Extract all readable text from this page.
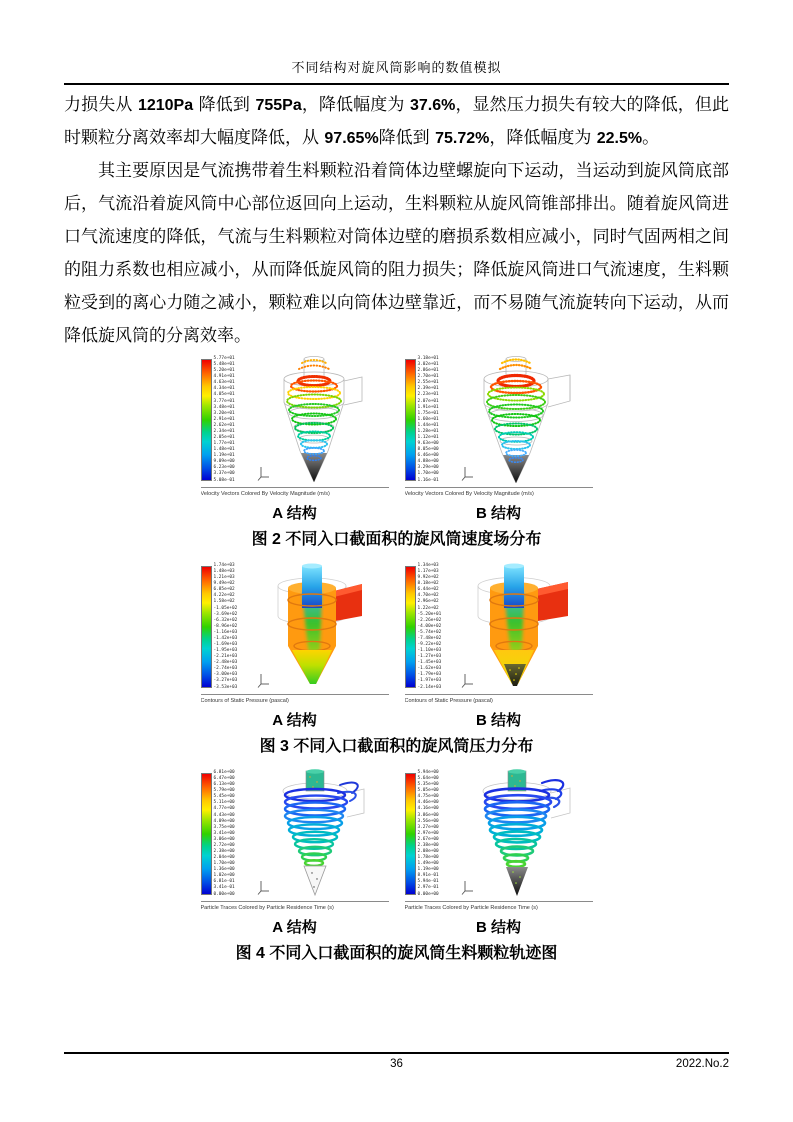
不同结构对旋风筒影响的数值模拟

力损失从 1210Pa 降低到 755Pa，降低幅度为 37.6%，显然压力损失有较大的降低，但此时颗粒分离效率却大幅度降低，从 97.65%降低到 75.72%，降低幅度为 22.5%。

其主要原因是气流携带着生料颗粒沿着筒体边壁螺旋向下运动，当运动到旋风筒底部后，气流沿着旋风筒中心部位返回向上运动，生料颗粒从旋风筒锥部排出。随着旋风筒进口气流速度的降低，气流与生料颗粒对筒体边壁的磨损系数相应减小，同时气固两相之间的阻力系数也相应减小，从而降低旋风筒的阻力损失；降低旋风筒进口气流速度，生料颗粒受到的离心力随之减小，颗粒难以向筒体边壁靠近，而不易随气流旋转向下运动，从而降低旋风筒的分离效率。

5.77e+01
5.48e+01
5.20e+01
4.91e+01
4.63e+01
4.34e+01
4.05e+01
3.77e+01
3.48e+01
3.20e+01
2.91e+01
2.62e+01
2.34e+01
2.05e+01
1.77e+01
1.48e+01
1.19e+01
9.09e+00
6.23e+00
3.37e+00
5.08e-01
Velocity Vectors Colored By Velocity Magnitude (m/s)
3.18e+01
3.02e+01
2.86e+01
2.70e+01
2.55e+01
2.39e+01
2.23e+01
2.07e+01
1.91e+01
1.75e+01
1.60e+01
1.44e+01
1.28e+01
1.12e+01
9.63e+00
8.05e+00
6.46e+00
4.88e+00
3.29e+00
1.70e+00
1.16e-01
Velocity Vectors Colored By Velocity Magnitude (m/s)
A 结构	B 结构
图 2 不同入口截面积的旋风筒速度场分布
1.74e+03
1.48e+03
1.21e+03
9.49e+02
6.85e+02
4.22e+02
1.58e+02
-1.05e+02
-3.69e+02
-6.32e+02
-8.96e+02
-1.16e+03
-1.42e+03
-1.69e+03
-1.95e+03
-2.21e+03
-2.48e+03
-2.74e+03
-3.00e+03
-3.27e+03
-3.53e+03
Contours of Static Pressure (pascal)
1.34e+03
1.17e+03
9.92e+02
8.18e+02
6.44e+02
4.70e+02
2.96e+02
1.22e+02
-5.20e+01
-2.26e+02
-4.00e+02
-5.74e+02
-7.48e+02
-9.22e+02
-1.10e+03
-1.27e+03
-1.45e+03
-1.62e+03
-1.79e+03
-1.97e+03
-2.14e+03
Contours of Static Pressure (pascal)
A 结构	B 结构
图 3 不同入口截面积的旋风筒压力分布
6.81e+00
6.47e+00
6.13e+00
5.79e+00
5.45e+00
5.11e+00
4.77e+00
4.43e+00
4.09e+00
3.75e+00
3.41e+00
3.06e+00
2.72e+00
2.38e+00
2.04e+00
1.70e+00
1.36e+00
1.02e+00
6.81e-01
3.41e-01
0.00e+00
Particle Traces Colored by Particle Residence Time (s)
5.94e+00
5.64e+00
5.35e+00
5.05e+00
4.75e+00
4.46e+00
4.16e+00
3.86e+00
3.56e+00
3.27e+00
2.97e+00
2.67e+00
2.38e+00
2.08e+00
1.78e+00
1.49e+00
1.19e+00
8.91e-01
5.94e-01
2.97e-01
0.00e+00
Particle Traces Colored by Particle Residence Time (s)
A 结构	B 结构
图 4 不同入口截面积的旋风筒生料颗粒轨迹图
36	2022.No.2
